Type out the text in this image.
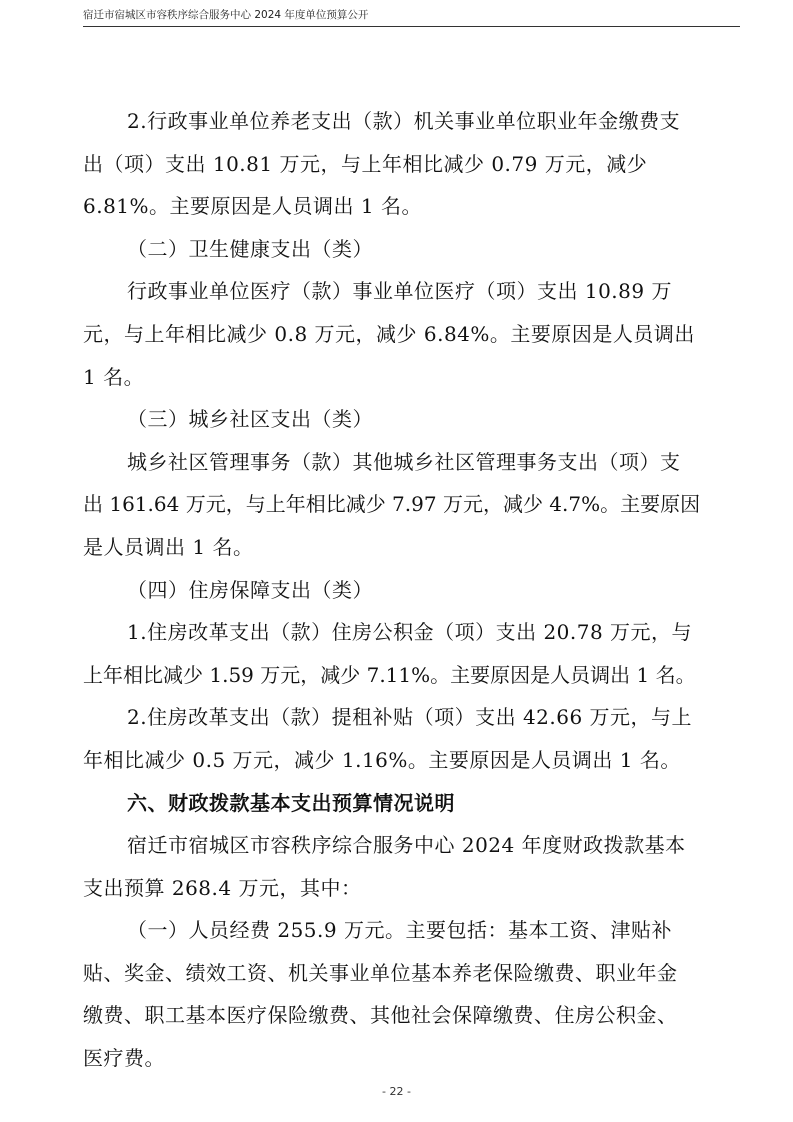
宿迁市宿城区市容秩序综合服务中心 2024 年度单位预算公开
2.行政事业单位养老支出（款）机关事业单位职业年金缴费支
出（项）支出 10.81 万元，与上年相比减少 0.79 万元，减少
6.81%。主要原因是人员调出 1 名。
（二）卫生健康支出（类）
行政事业单位医疗（款）事业单位医疗（项）支出 10.89 万
元，与上年相比减少 0.8 万元，减少 6.84%。主要原因是人员调出
1 名。
（三）城乡社区支出（类）
城乡社区管理事务（款）其他城乡社区管理事务支出（项）支
出 161.64 万元，与上年相比减少 7.97 万元，减少 4.7%。主要原因
是人员调出 1 名。
（四）住房保障支出（类）
1.住房改革支出（款）住房公积金（项）支出 20.78 万元，与
上年相比减少 1.59 万元，减少 7.11%。主要原因是人员调出 1 名。
2.住房改革支出（款）提租补贴（项）支出 42.66 万元，与上
年相比减少 0.5 万元，减少 1.16%。主要原因是人员调出 1 名。
六、财政拨款基本支出预算情况说明
宿迁市宿城区市容秩序综合服务中心 2024 年度财政拨款基本
支出预算 268.4 万元，其中：
（一）人员经费 255.9 万元。主要包括：基本工资、津贴补
贴、奖金、绩效工资、机关事业单位基本养老保险缴费、职业年金
缴费、职工基本医疗保险缴费、其他社会保障缴费、住房公积金、
医疗费。
- 22 -
